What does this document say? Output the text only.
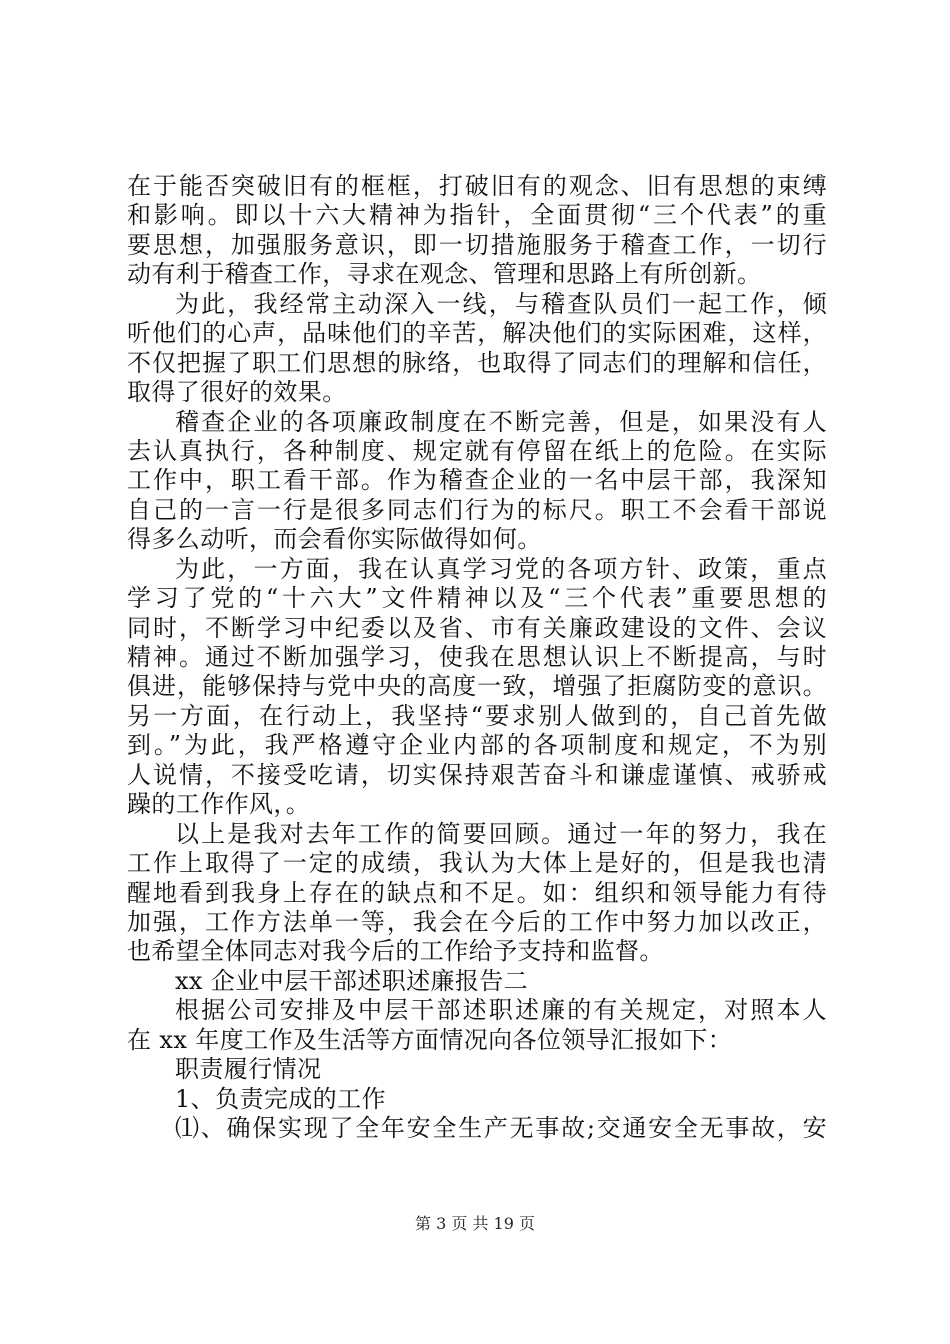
在于能否突破旧有的框框，打破旧有的观念、旧有思想的束缚
和影响。即以十六大精神为指针，全面贯彻“三个代表”的重
要思想，加强服务意识，即一切措施服务于稽查工作，一切行
动有利于稽查工作，寻求在观念、管理和思路上有所创新。
为此，我经常主动深入一线，与稽查队员们一起工作，倾
听他们的心声，品味他们的辛苦，解决他们的实际困难，这样，
不仅把握了职工们思想的脉络，也取得了同志们的理解和信任，
取得了很好的效果。
稽查企业的各项廉政制度在不断完善，但是，如果没有人
去认真执行，各种制度、规定就有停留在纸上的危险。在实际
工作中，职工看干部。作为稽查企业的一名中层干部，我深知
自己的一言一行是很多同志们行为的标尺。职工不会看干部说
得多么动听，而会看你实际做得如何。
为此，一方面，我在认真学习党的各项方针、政策，重点
学习了党的“十六大”文件精神以及“三个代表”重要思想的
同时，不断学习中纪委以及省、市有关廉政建设的文件、会议
精神。通过不断加强学习，使我在思想认识上不断提高，与时
俱进，能够保持与党中央的高度一致，增强了拒腐防变的意识。
另一方面，在行动上，我坚持“要求别人做到的，自己首先做
到。”为此，我严格遵守企业内部的各项制度和规定，不为别
人说情，不接受吃请，切实保持艰苦奋斗和谦虚谨慎、戒骄戒
躁的工作作风，。
以上是我对去年工作的简要回顾。通过一年的努力，我在
工作上取得了一定的成绩，我认为大体上是好的，但是我也清
醒地看到我身上存在的缺点和不足。如：组织和领导能力有待
加强，工作方法单一等，我会在今后的工作中努力加以改正，
也希望全体同志对我今后的工作给予支持和监督。
xx 企业中层干部述职述廉报告二
根据公司安排及中层干部述职述廉的有关规定，对照本人
在 xx 年度工作及生活等方面情况向各位领导汇报如下：
职责履行情况
1、负责完成的工作
⑴、确保实现了全年安全生产无事故;交通安全无事故，安
第 3 页 共 19 页
